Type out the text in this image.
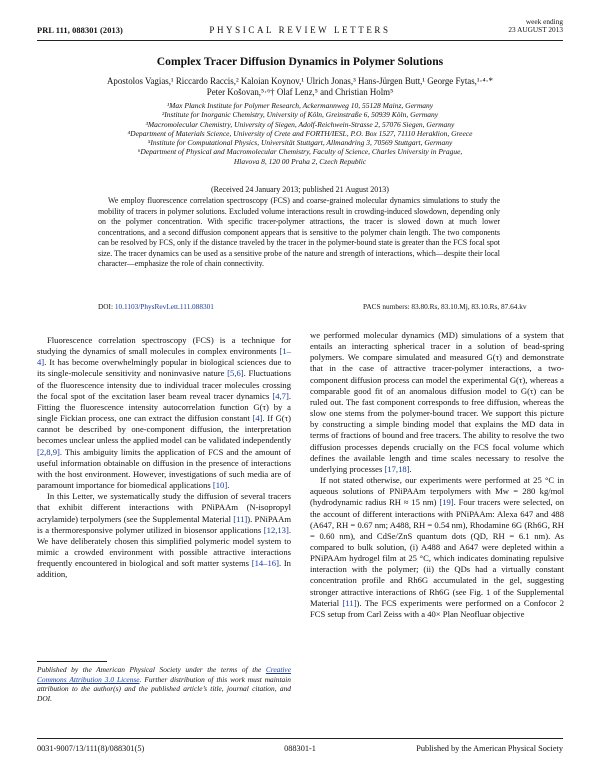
PRL 111, 088301 (2013)	PHYSICAL REVIEW LETTERS
week ending
23 AUGUST 2013
Complex Tracer Diffusion Dynamics in Polymer Solutions
Apostolos Vagias,¹ Riccardo Raccis,² Kaloian Koynov,¹ Ulrich Jonas,³ Hans-Jürgen Butt,¹ George Fytas,¹·⁴·*
Peter Košovan,⁵·⁶† Olaf Lenz,⁵ and Christian Holm⁵
¹Max Planck Institute for Polymer Research, Ackermannweg 10, 55128 Mainz, Germany
²Institute for Inorganic Chemistry, University of Köln, Greinstraße 6, 50939 Köln, Germany
³Macromolecular Chemistry, University of Siegen, Adolf-Reichwein-Strasse 2, 57076 Siegen, Germany
⁴Department of Materials Science, University of Crete and FORTH/IESL, P.O. Box 1527, 71110 Heraklion, Greece
⁵Institute for Computational Physics, Universität Stuttgart, Allmandring 3, 70569 Stuttgart, Germany
⁶Department of Physical and Macromolecular Chemistry, Faculty of Science, Charles University in Prague,
Hlavova 8, 120 00 Praha 2, Czech Republic
(Received 24 January 2013; published 21 August 2013)
We employ fluorescence correlation spectroscopy (FCS) and coarse-grained molecular dynamics simulations to study the mobility of tracers in polymer solutions. Excluded volume interactions result in crowding-induced slowdown, depending only on the polymer concentration. With specific tracer-polymer attractions, the tracer is slowed down at much lower concentrations, and a second diffusion component appears that is sensitive to the polymer chain length. The two components can be resolved by FCS, only if the distance traveled by the tracer in the polymer-bound state is greater than the FCS focal spot size. The tracer dynamics can be used as a sensitive probe of the nature and strength of interactions, which—despite their local character—emphasize the role of chain connectivity.
DOI: 10.1103/PhysRevLett.111.088301	PACS numbers: 83.80.Rs, 83.10.Mj, 83.10.Rs, 87.64.kv

Fluorescence correlation spectroscopy (FCS) is a technique for studying the dynamics of small molecules in complex environments [1–4]. It has become overwhelmingly popular in biological sciences due to its single-molecule sensitivity and noninvasive nature [5,6]. Fluctuations of the fluorescence intensity due to individual tracer molecules crossing the focal spot of the excitation laser beam reveal tracer dynamics [4,7]. Fitting the fluorescence intensity autocorrelation function G(τ) by a single Fickian process, one can extract the diffusion constant [4]. If G(τ) cannot be described by one-component diffusion, the interpretation becomes unclear unless the applied model can be validated independently [2,8,9]. This ambiguity limits the application of FCS and the amount of useful information obtainable on diffusion in the presence of interactions with the host environment. However, investigations of such media are of paramount importance for biomedical applications [10].

In this Letter, we systematically study the diffusion of several tracers that exhibit different interactions with PNiPAAm (N-isopropyl acrylamide) terpolymers (see the Supplemental Material [11]). PNiPAAm is a thermoresponsive polymer utilized in biosensor applications [12,13]. We have deliberately chosen this simplified polymeric model system to mimic a crowded environment with possible attractive interactions frequently encountered in biological and soft matter systems [14–16]. In addition,

we performed molecular dynamics (MD) simulations of a system that entails an interacting spherical tracer in a solution of bead-spring polymers. We compare simulated and measured G(τ) and demonstrate that in the case of attractive tracer-polymer interactions, a two-component diffusion process can model the experimental G(τ), whereas a comparable good fit of an anomalous diffusion model to G(τ) can be ruled out. The fast component corresponds to free diffusion, whereas the slow one stems from the polymer-bound tracer. We support this picture by constructing a simple binding model that explains the MD data in terms of fractions of bound and free tracers. The ability to resolve the two diffusion processes depends crucially on the FCS focal volume which defines the available length and time scales necessary to resolve the underlying processes [17,18].

If not stated otherwise, our experiments were performed at 25 °C in aqueous solutions of PNiPAAm terpolymers with Mw = 280 kg/mol (hydrodynamic radius RH ≈ 15 nm) [19]. Four tracers were selected, on the account of different interactions with PNiPAAm: Alexa 647 and 488 (A647, RH = 0.67 nm; A488, RH = 0.54 nm), Rhodamine 6G (Rh6G, RH = 0.60 nm), and CdSe/ZnS quantum dots (QD, RH = 6.1 nm). As compared to bulk solution, (i) A488 and A647 were depleted within a PNiPAAm hydrogel film at 25 °C, which indicates dominating repulsive interaction with the polymer; (ii) the QDs had a virtually constant concentration profile and Rh6G accumulated in the gel, suggesting stronger attractive interactions of Rh6G (see Fig. 1 of the Supplemental Material [11]). The FCS experiments were performed on a Confocor 2 FCS setup from Carl Zeiss with a 40× Plan Neofluar objective

Published by the American Physical Society under the terms of the Creative Commons Attribution 3.0 License. Further distribution of this work must maintain attribution to the author(s) and the published article’s title, journal citation, and DOI.
0031-9007/13/111(8)/088301(5)	088301-1	Published by the American Physical Society
